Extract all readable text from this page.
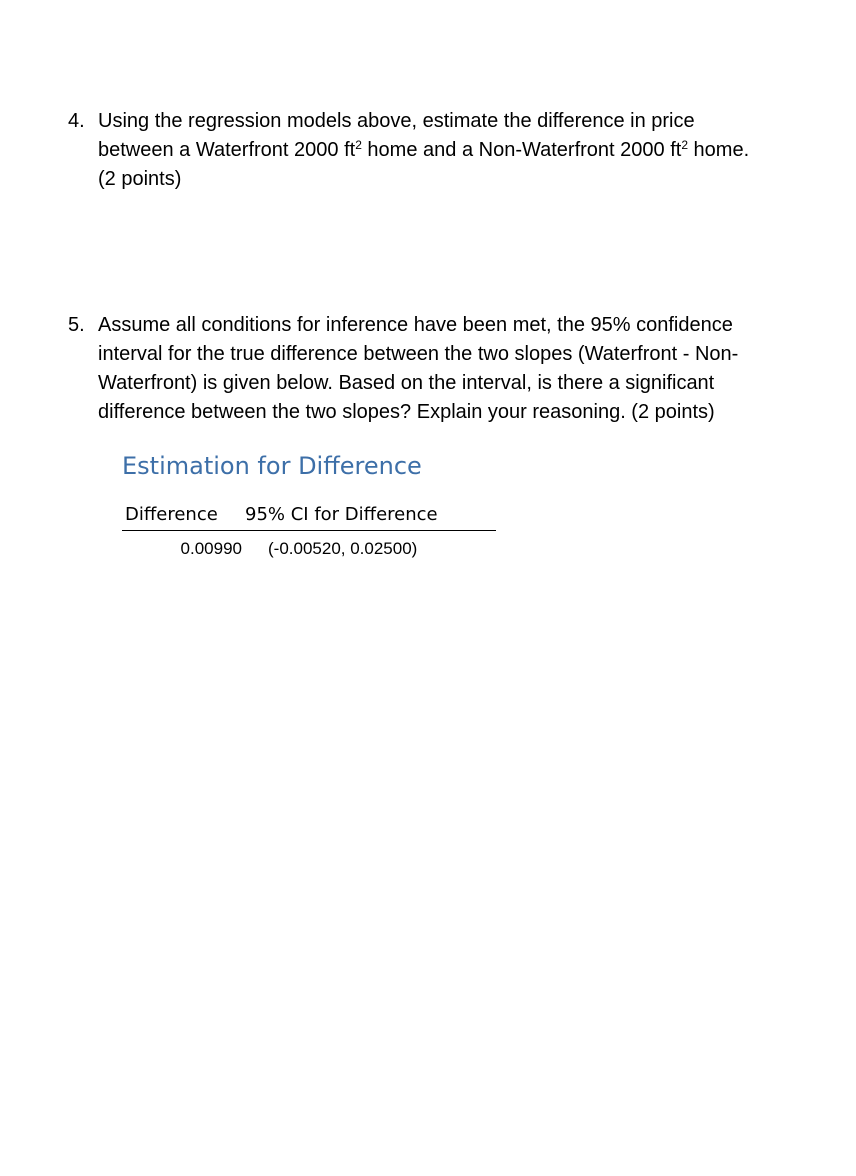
4. Using the regression models above, estimate the difference in price
between a Waterfront 2000 $ft^2$ home and a Non-Waterfront 2000 $ft^2$ home.
(2 points)
5. Assume all conditions for inference have been met, the 95% confidence
interval for the true difference between the two slopes (Waterfront - Non-
Waterfront) is given below. Based on the interval, is there a significant
difference between the two slopes? Explain your reasoning. (2 points)
Estimation for Difference
Difference	95% CI for Difference
0.00990 (-0.00520, 0.02500)
